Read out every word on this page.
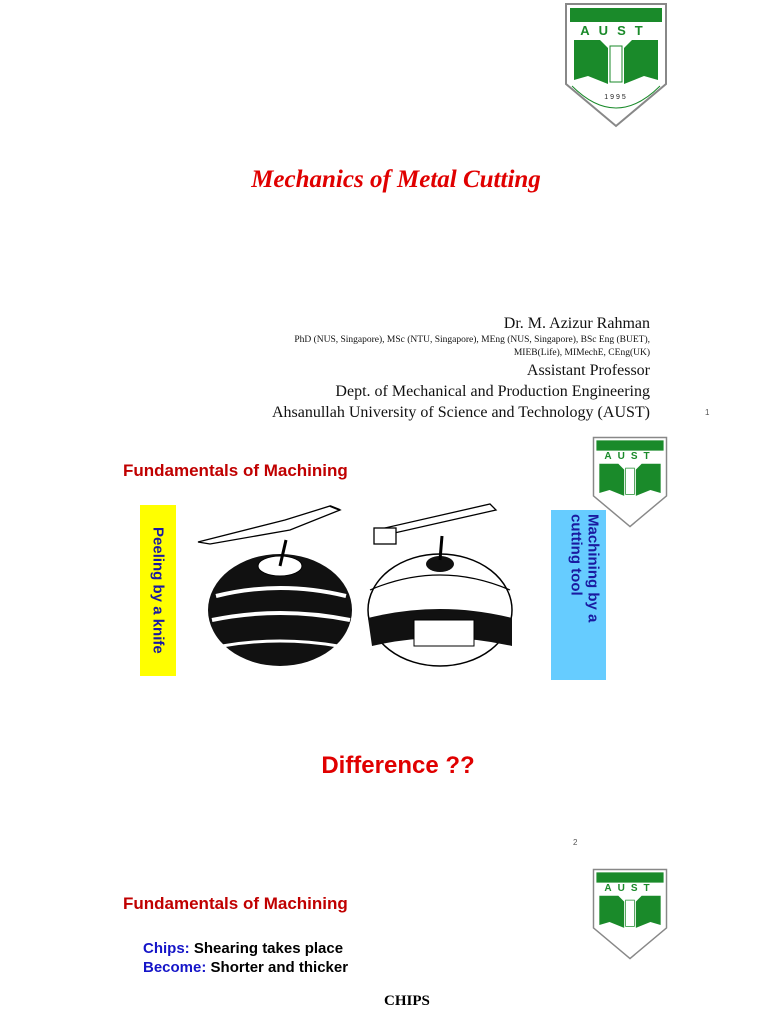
AUST
1995
Mechanics of Metal Cutting
Dr. M. Azizur Rahman
PhD (NUS, Singapore), MSc (NTU, Singapore), MEng (NUS, Singapore), BSc Eng (BUET),
MIEB(Life), MIMechE, CEng(UK)
Assistant Professor
Dept. of Mechanical and Production Engineering
Ahsanullah University of Science and Technology (AUST)	1
AUST
Fundamentals of Machining
Peeling by a knife	Machining by a cutting tool
Difference ??
2
AUST
Fundamentals of Machining
Chips: Shearing takes place
Become: Shorter and thicker
CHIPS
